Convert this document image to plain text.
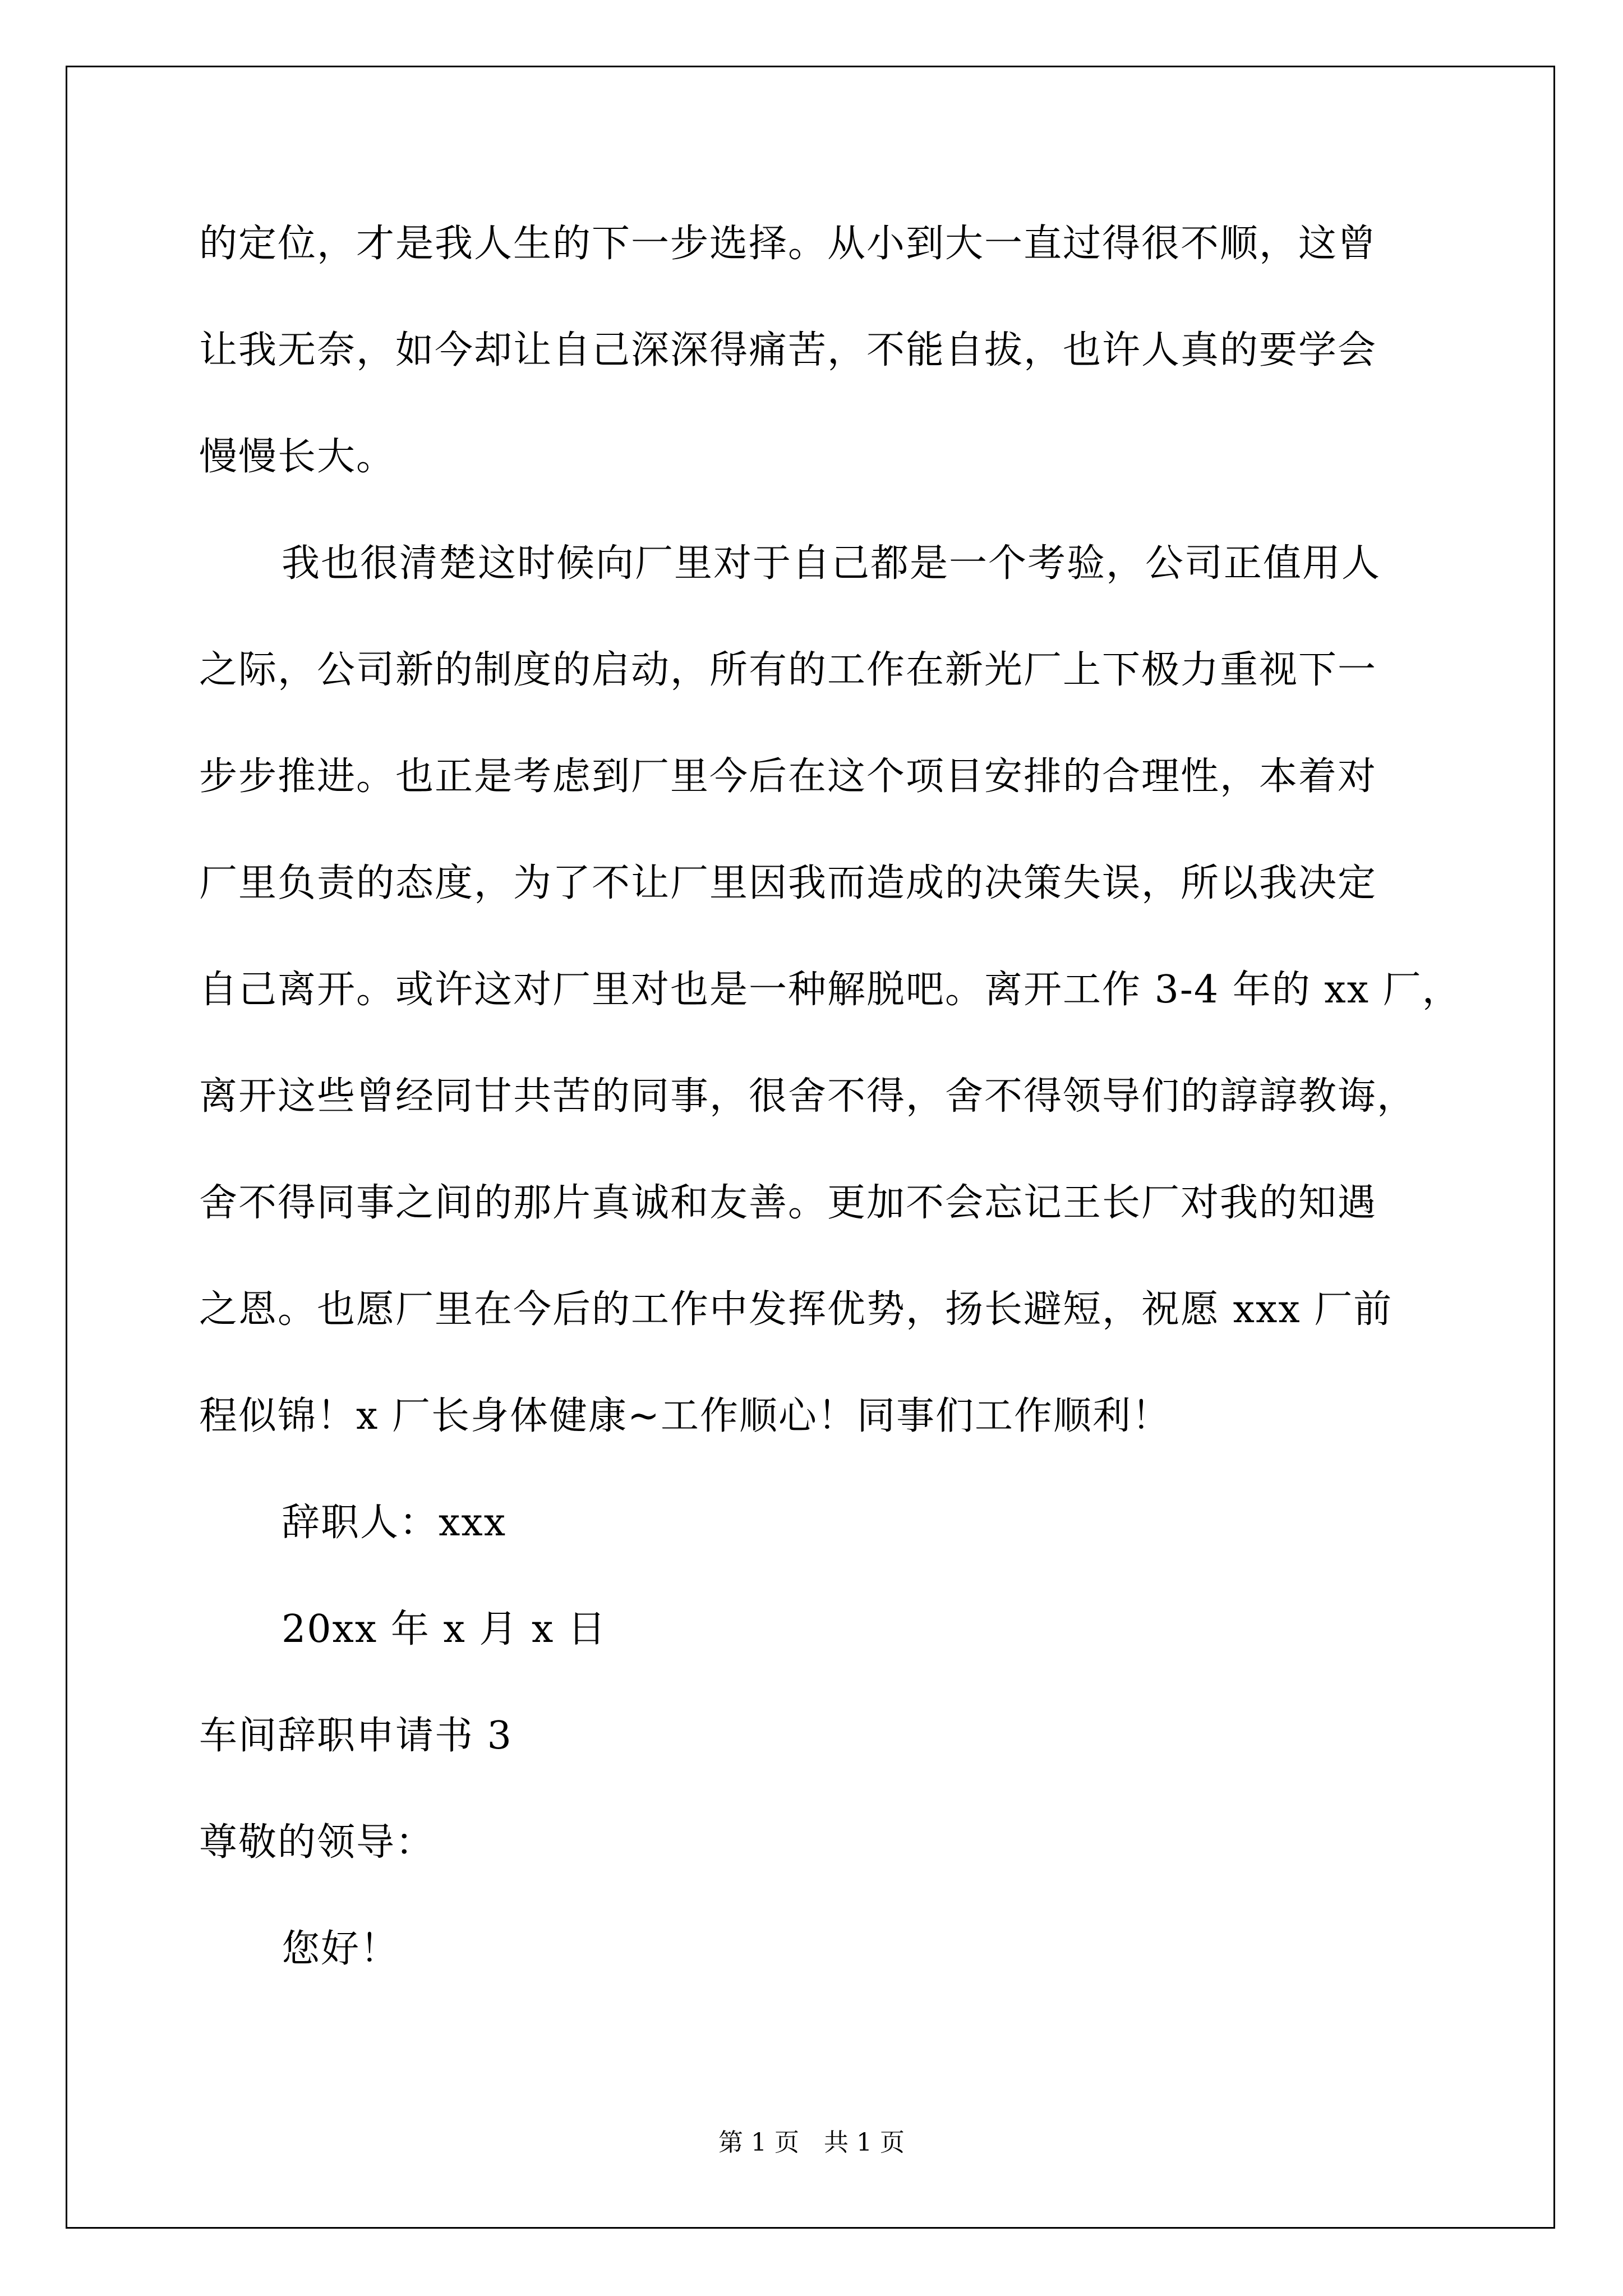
的定位，才是我人生的下一步选择。从小到大一直过得很不顺，这曾
让我无奈，如今却让自己深深得痛苦，不能自拔，也许人真的要学会
慢慢长大。
我也很清楚这时候向厂里对于自己都是一个考验，公司正值用人
之际，公司新的制度的启动，所有的工作在新光厂上下极力重视下一
步步推进。也正是考虑到厂里今后在这个项目安排的合理性，本着对
厂里负责的态度，为了不让厂里因我而造成的决策失误，所以我决定
自己离开。或许这对厂里对也是一种解脱吧。离开工作 3-4 年的 xx 厂，
离开这些曾经同甘共苦的同事，很舍不得，舍不得领导们的諄諄教诲，
舍不得同事之间的那片真诚和友善。更加不会忘记王长厂对我的知遇
之恩。也愿厂里在今后的工作中发挥优势，扬长避短，祝愿 xxx 厂前
程似锦！x 厂长身体健康~工作顺心！同事们工作顺利！
辞职人：xxx
20xx 年 x 月 x 日
车间辞职申请书 3
尊敬的领导：
您好！
第 1 页　共 1 页
